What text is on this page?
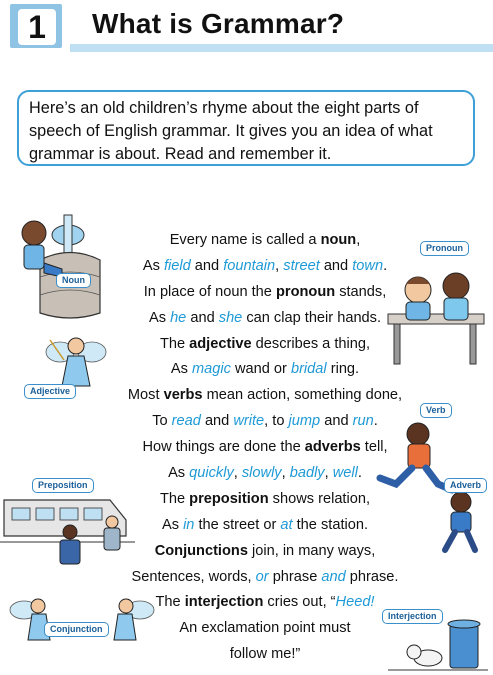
1	What is Grammar?
Here’s an old children’s rhyme about the eight parts of speech of English grammar. It gives you an idea of what grammar is about. Read and remember it.
Noun
Pronoun
Adjective
Verb
Adverb
Preposition
Conjunction
Interjection
Every name is called a noun,
As field and fountain, street and town.
In place of noun the pronoun stands,
As he and she can clap their hands.
The adjective describes a thing,
As magic wand or bridal ring.
Most verbs mean action, something done,
To read and write, to jump and run.
How things are done the adverbs tell,
As quickly, slowly, badly, well.
The preposition shows relation,
As in the street or at the station.
Conjunctions join, in many ways,
Sentences, words, or phrase and phrase.
The interjection cries out, “Heed!
An exclamation point must
follow me!”
